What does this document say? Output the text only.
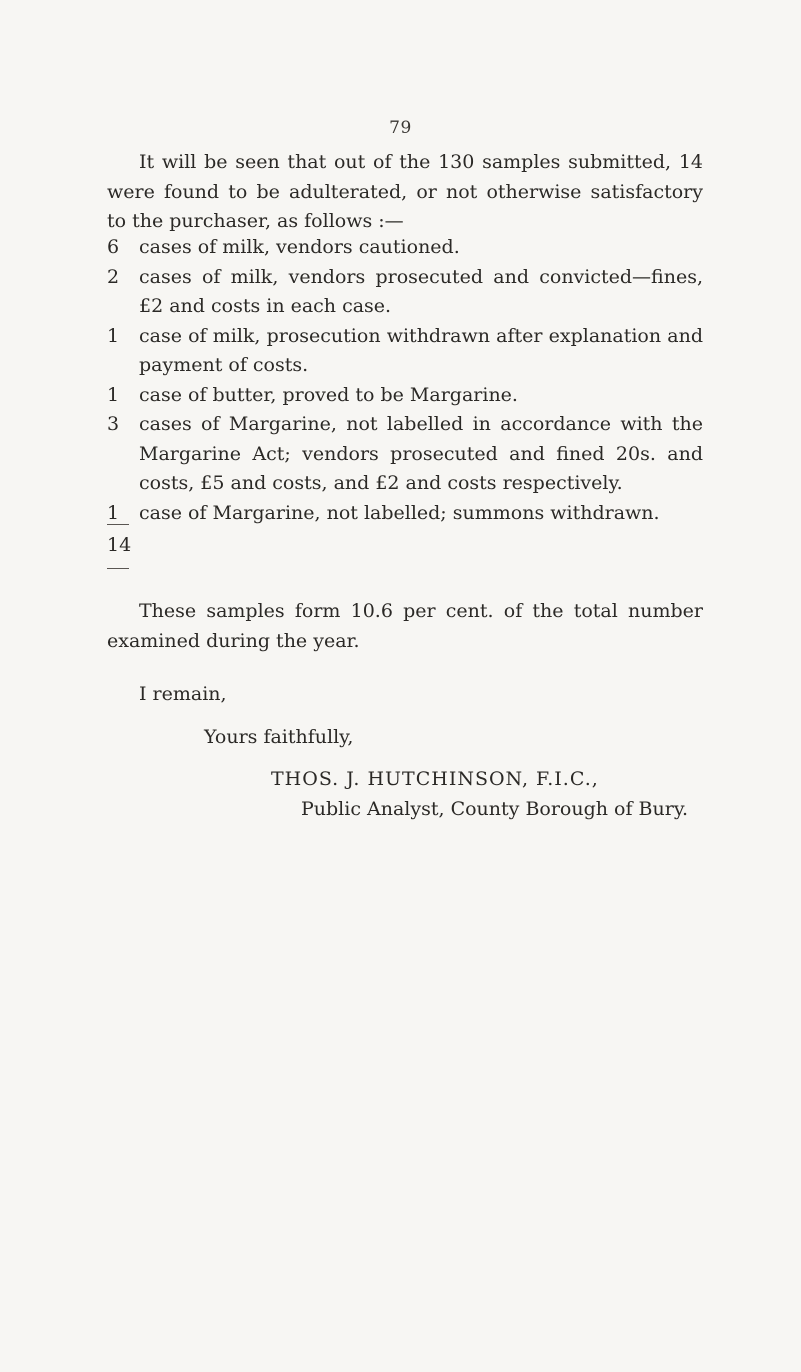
79

It will be seen that out of the 130 samples submitted, 14 were found to be adulterated, or not otherwise satisfactory to the purchaser, as follows :—

6	cases of milk, vendors cautioned.
2	cases of milk, vendors prosecuted and convicted—fines, £2 and costs in each case.
1	case of milk, prosecution withdrawn after explanation and payment of costs.
1	case of butter, proved to be Margarine.
3	cases of Margarine, not labelled in accordance with the Margarine Act; vendors prosecuted and fined 20s. and costs, £5 and costs, and £2 and costs respectively.
1	case of Margarine, not labelled; summons withdrawn.
14

These samples form 10.6 per cent. of the total number examined during the year.

I remain,

Yours faithfully,

THOS. J. HUTCHINSON, F.I.C.,

Public Analyst, County Borough of Bury.
